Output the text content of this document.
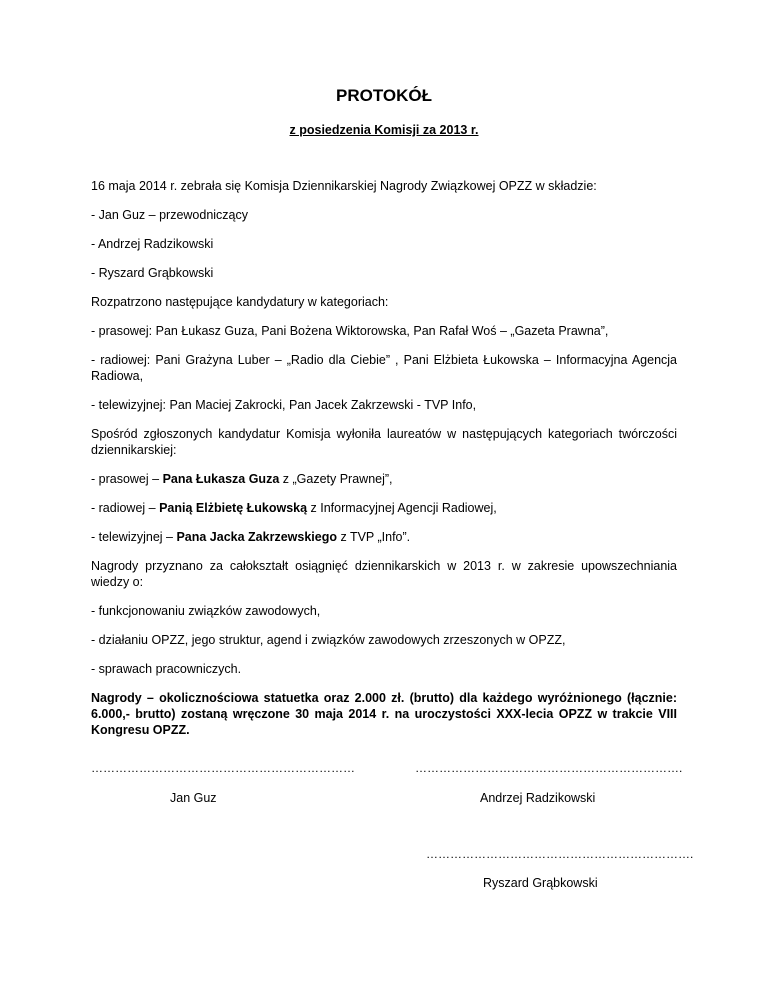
PROTOKÓŁ
z posiedzenia Komisji za 2013 r.

16 maja 2014 r. zebrała się Komisja Dziennikarskiej Nagrody Związkowej OPZZ w składzie:

- Jan Guz – przewodniczący

- Andrzej Radzikowski

- Ryszard Grąbkowski

Rozpatrzono następujące kandydatury w kategoriach:

- prasowej: Pan Łukasz Guza, Pani Bożena Wiktorowska, Pan Rafał Woś – „Gazeta Prawna”,

- radiowej: Pani Grażyna Luber – „Radio dla Ciebie” , Pani Elżbieta Łukowska – Informacyjna Agencja Radiowa,

- telewizyjnej: Pan Maciej Zakrocki, Pan Jacek Zakrzewski - TVP Info,

Spośród zgłoszonych kandydatur Komisja wyłoniła laureatów w następujących kategoriach twórczości dziennikarskiej:

- prasowej – Pana Łukasza Guza z „Gazety Prawnej”,

- radiowej – Panią Elżbietę Łukowską z Informacyjnej Agencji Radiowej,

- telewizyjnej – Pana Jacka Zakrzewskiego z TVP „Info”.

Nagrody przyznano za całokształt osiągnięć dziennikarskich w 2013 r. w zakresie upowszechniania wiedzy o:

- funkcjonowaniu związków zawodowych,

- działaniu OPZZ, jego struktur, agend i związków zawodowych zrzeszonych w OPZZ,

- sprawach pracowniczych.

Nagrody – okolicznościowa statuetka oraz 2.000 zł. (brutto) dla każdego wyróżnionego (łącznie: 6.000,- brutto) zostaną wręczone 30 maja 2014 r. na uroczystości XXX-lecia OPZZ w trakcie VIII Kongresu OPZZ.

…………………………………………………………
Jan Guz
………………………………………………………….
Andrzej Radzikowski
………………………………………………………….
Ryszard Grąbkowski
